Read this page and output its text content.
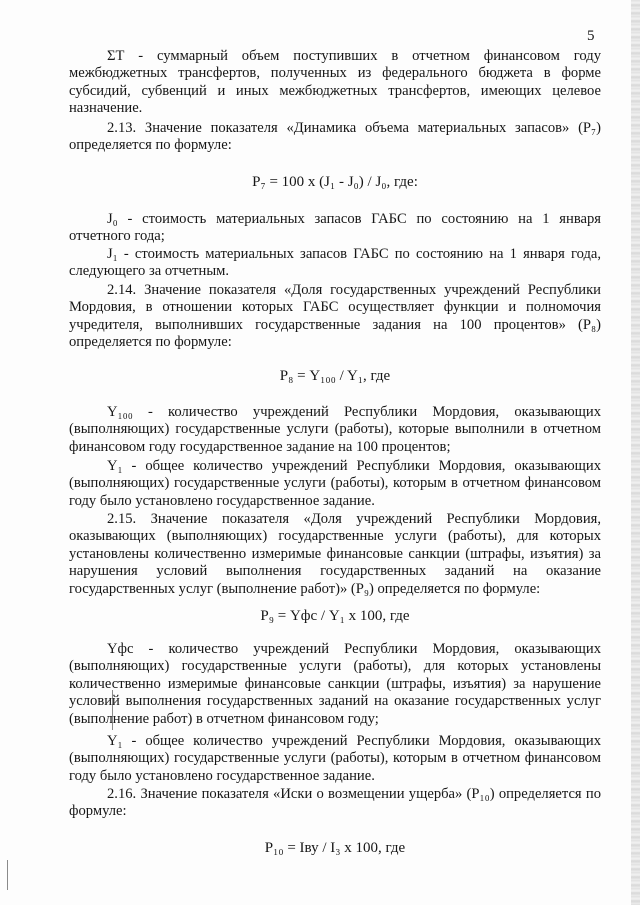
5

ΣТ - суммарный объем поступивших в отчетном финансовом году межбюджетных трансфертов, полученных из федерального бюджета в форме субсидий, субвенций и иных межбюджетных трансфертов, имеющих целевое назначение.

2.13. Значение показателя «Динамика объема материальных запасов» (Р₇) определяется по формуле:

Р₇ = 100 x (J₁ - J₀) / J₀, где:

J₀ - стоимость материальных запасов ГАБС по состоянию на 1 января отчетного года;

J₁ - стоимость материальных запасов ГАБС по состоянию на 1 января года, следующего за отчетным.

2.14. Значение показателя «Доля государственных учреждений Республики Мордовия, в отношении которых ГАБС осуществляет функции и полномочия учредителя, выполнивших государственные задания на 100 процентов» (Р₈) определяется по формуле:

Р₈ = Y₁₀₀ / Y₁, где

Y₁₀₀ - количество учреждений Республики Мордовия, оказывающих (выполняющих) государственные услуги (работы), которые выполнили в отчетном финансовом году государственное задание на 100 процентов;

Y₁ - общее количество учреждений Республики Мордовия, оказывающих (выполняющих) государственные услуги (работы), которым в отчетном финансовом году было установлено государственное задание.

2.15. Значение показателя «Доля учреждений Республики Мордовия, оказывающих (выполняющих) государственные услуги (работы), для которых установлены количественно измеримые финансовые санкции (штрафы, изъятия) за нарушения условий выполнения государственных заданий на оказание государственных услуг (выполнение работ)» (Р₉) определяется по формуле:

Р₉ = Yфс / Y₁ x 100, где

Yфс - количество учреждений Республики Мордовия, оказывающих (выполняющих) государственные услуги (работы), для которых установлены количественно измеримые финансовые санкции (штрафы, изъятия) за нарушение условий выполнения государственных заданий на оказание государственных услуг (выполнение работ) в отчетном финансовом году;

Y₁ - общее количество учреждений Республики Мордовия, оказывающих (выполняющих) государственные услуги (работы), которым в отчетном финансовом году было установлено государственное задание.

2.16. Значение показателя «Иски о возмещении ущерба» (Р₁₀) определяется по формуле:

Р₁₀ = Iву / I₃ x 100, где
